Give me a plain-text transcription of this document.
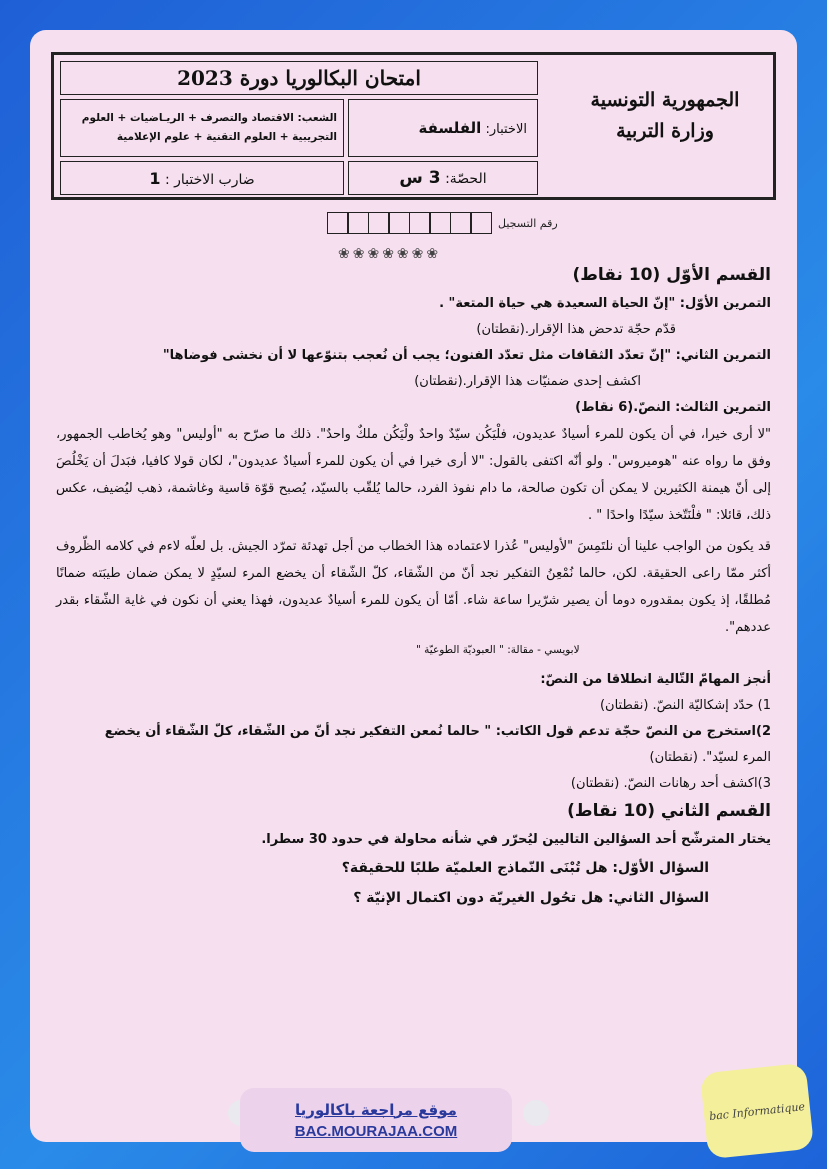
امتحان البكالوريا دورة 2023
الشعب: الاقتصاد والتصرف + الريـاضيات + العلوم التجريبية + العلوم التقنية + علوم الإعلامية	الاختبار: الفلسفة
ضارب الاختبار : 1	الحصّة: 3 س
الجمهورية التونسية
وزارة التربية
رقم التسجيل
❀❀❀❀❀❀❀
القسم الأوّل (10 نقاط)

التمرين الأوّل: "إنّ الحياة السعيدة هي حياة المتعة" .

قدّم حجّة تدحض هذا الإقرار.(نقطتان)

التمرين الثاني: "إنّ تعدّد الثقافات مثل تعدّد الفنون؛ يجب أن نُعجب بتنوّعها لا أن نخشى فوضاها"

اكشف إحدى ضمنيّات هذا الإقرار.(نقطتان)

التمرين الثالث: النصّ.(6 نقاط)

"لا أرى خيرا، في أن يكون للمرء أسيادٌ عديدون، فلْيَكُن سيّدٌ واحدٌ ولْيَكُن ملكٌ واحدٌ". ذلك ما صرّح به "أوليس" وهو يُخاطب الجمهور، وفق ما رواه عنه "هوميروس". ولو أنّه اكتفى بالقول: "لا أرى خيرا في أن يكون للمرء أسيادٌ عديدون"، لكان قولا كافيا، فبَدلَ أن يَخْلُصَ إلى أنّ هيمنة الكثيرين لا يمكن أن تكون صالحة، ما دام نفوذ الفرد، حالما يُلقّب بالسيّد، يُصبح قوّة قاسية وغاشمة، ذهب ليُضيف، عكس ذلك، قائلا: " فلْنَتّخذ سيّدًا واحدًا " .

قد يكون من الواجب علينا أن نلتَمِسَ "لأوليس" عُذرا لاعتماده هذا الخطاب من أجل تهدئة تمرّد الجيش. بل لعلّه لاءم في كلامه الظّروف أكثر ممّا راعى الحقيقة. لكن، حالما نُمْعِنُ التفكير نجد أنّ من الشّقاء، كلّ الشّقاء أن يخضع المرء لسيّدٍ لا يمكن ضمان طيبَته ضمانًا مُطلقًا، إذ يكون بمقدوره دوما أن يصير شرّيرا ساعة شاء. أمّا أن يكون للمرء أسيادٌ عديدون، فهذا يعني أن نكون في غاية الشّقاء بقدر عددهم".

لابويسي - مقالة: " العبوديّة الطوعيّة "

أنجز المهامّ التّالية انطلاقا من النصّ:

1) حدّد إشكاليّة النصّ. (نقطتان)

2)استخرج من النصّ حجّة تدعم قول الكاتب: " حالما نُمعن التفكير نجد أنّ من الشّقاء، كلّ الشّقاء أن يخضع

المرء لسيّد". (نقطتان)

3)اكشف أحد رهانات النصّ. (نقطتان)

القسم الثاني (10 نقاط)

يختار المترشّح أحد السؤالين التاليين ليُحرّر في شأنه محاولة في حدود 30 سطرا.

السؤال الأوّل: هل تُبْنَى النّماذج العلميّة طلبًا للحقيقة؟

السؤال الثاني: هل تحُول الغيريّة دون اكتمال الإنيّة ؟

موقع مراجعة باكالوريا
BAC.MOURAJAA.COM
bac Informatique
